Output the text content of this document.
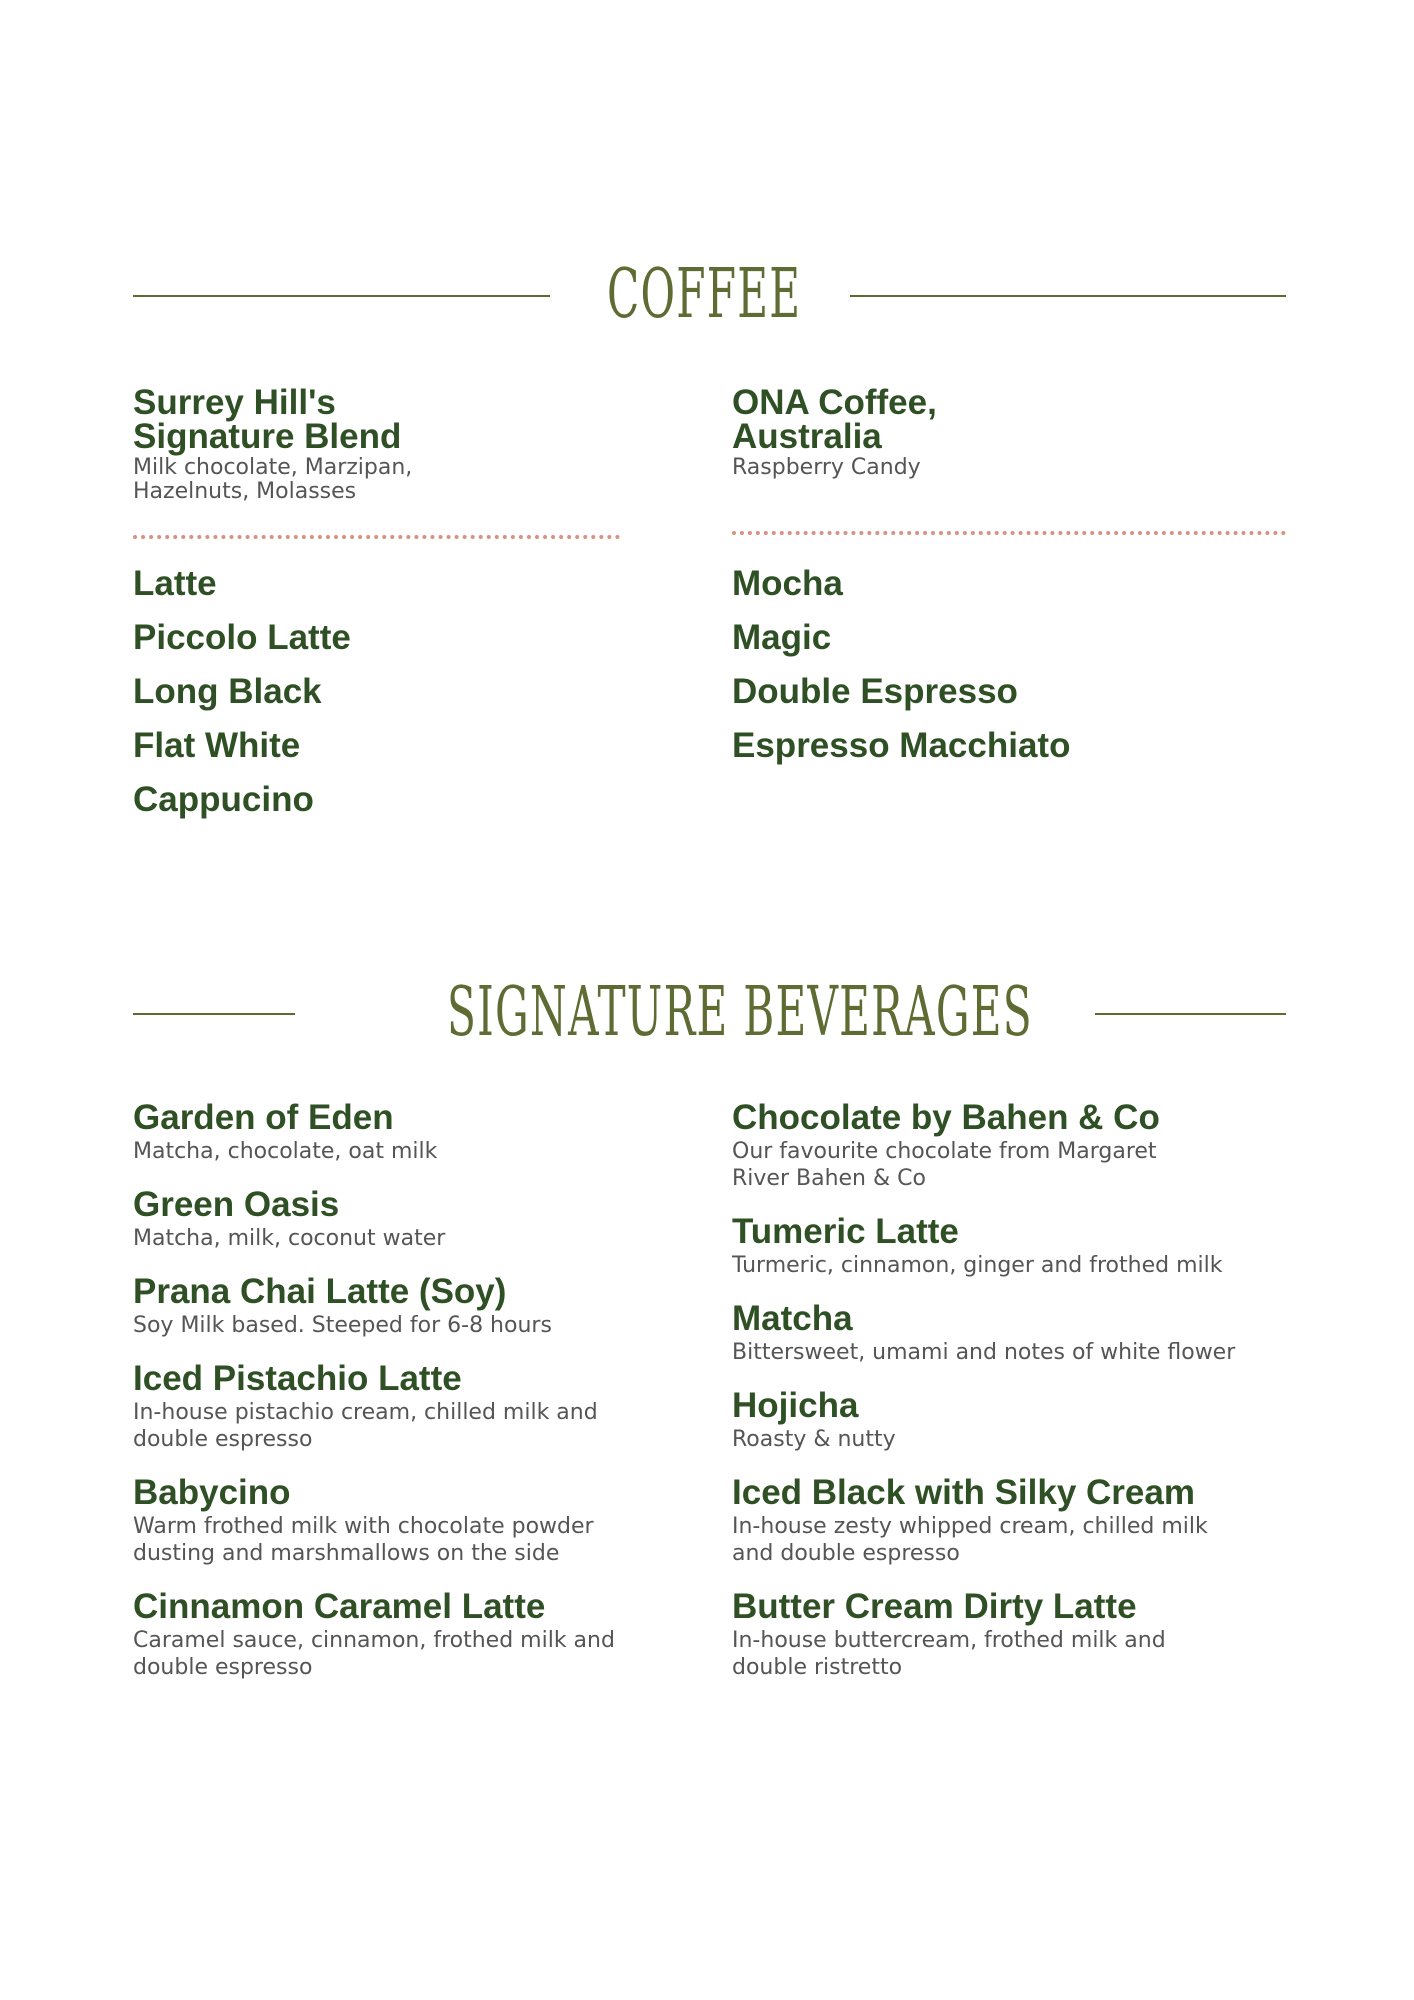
COFFEE
Surrey Hill's
Signature Blend
Milk chocolate, Marzipan,
Hazelnuts, Molasses
ONA Coffee,
Australia
Raspberry Candy
Latte
Piccolo Latte
Long Black
Flat White
Cappucino
Mocha
Magic
Double Espresso
Espresso Macchiato
SIGNATURE BEVERAGES
Garden of Eden
Matcha, chocolate, oat milk
Green Oasis
Matcha, milk, coconut water
Prana Chai Latte (Soy)
Soy Milk based. Steeped for 6-8 hours
Iced Pistachio Latte
In-house pistachio cream, chilled milk and
double espresso
Babycino
Warm frothed milk with chocolate powder
dusting and marshmallows on the side
Cinnamon Caramel Latte
Caramel sauce, cinnamon, frothed milk and
double espresso
Chocolate by Bahen & Co
Our favourite chocolate from Margaret
River Bahen & Co
Tumeric Latte
Turmeric, cinnamon, ginger and frothed milk
Matcha
Bittersweet, umami and notes of white flower
Hojicha
Roasty & nutty
Iced Black with Silky Cream
In-house zesty whipped cream, chilled milk
and double espresso
Butter Cream Dirty Latte
In-house buttercream, frothed milk and
double ristretto
